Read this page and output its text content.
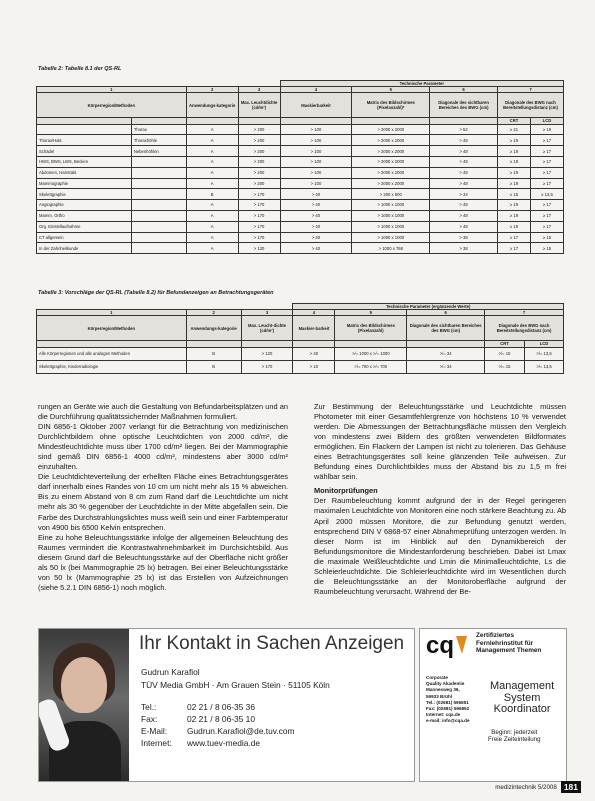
Tabelle 2: Tabelle 8.1 der QS-RL
				Technische Parameter				
1		2	3	4	5	6	7	
Körperregion/Methoden		Anwendungs-kategorie	Max. Leuchtdichte (cd/m²)	Maskierbarkeit	Matrix des Bildschirmes (Pixelanzahl)*	Diagonale des sichtbaren Bereiches des BWG (cm)	Diagonale des BWG nach Bereitstellungsdistanz (cm)	
							CRT	LCD
	Thorax	A	> 200	> 100	> 2000 x 2000	> 52	≥ 21	≥ 19
Thorax/Hals	Thoraxhöhle	A	> 200	> 100	> 2000 x 2000	> 48	≥ 19	≥ 17
Schädel	Nebenhöhlen	A	> 200	> 100	> 2000 x 2000	> 48	≥ 19	≥ 17
HWS, BWS, LWS, Becken		A	> 200	> 100	> 2000 x 2000	> 48	≥ 19	≥ 17
Abdomen, Harntrakt		A	> 200	> 100	> 2000 x 2000	> 48	≥ 19	≥ 17
Mammographie		A	> 200	> 100	> 2000 x 2000	> 48	≥ 19	≥ 17
Skelettgraphie		B	> 170	> 40	> 200 x 500	> 34	≥ 15	≥ 13,5
Angiographie		A	> 170	> 40	> 1000 x 1000	> 48	≥ 19	≥ 17
Mamm. Ortho		A	> 170	> 40	> 1000 x 1000	> 48	≥ 19	≥ 17
Org. Einstellaufnahme		A	> 170	> 40	> 1000 x 1000	> 48	≥ 19	≥ 17
CT allgemein		A	> 170	> 40	> 1000 x 1000	> 38	≥ 17	≥ 15
In der Zahnheilkunde		A	> 120	> 40	> 1000 x 768	> 38	≥ 17	≥ 15
Tabelle 3: Vorschläge der QS-RL (Tabelle 8.2) für Befundanzeigen an Betrachtungsgeräten
			Technische Parameter (ergänzende Werte)				
1	2	3	4	5	6	7	
Körperregion/Methoden	Anwendungs-kategorie	Max. Leucht-dichte (cd/m²)	Maskier-barkeit	Matrix des Bildschirmes (Pixelanzahl)	Diagonale des sichtbaren Bereiches des BWG (cm)	Diagonale des BWG nach Bereitstellungsdistanz (cm)	
						CRT	LCD
Alle Körperregionen und alle analogen Methoden	B	> 120	> 40	>/= 1000 x >/= 1000	>/= 34	>/= 15	>/= 13,5
Skelettgraphie, Kinderradiologie	B	> 170	> 10	>/= 700 x >/= 700	>/= 34	>/= 15	>/= 13,5

rungen an Geräte wie auch die Gestaltung von Befundarbeitsplätzen und an die Durchführung qualitätssichernder Maßnahmen formuliert.

DIN 6856-1 Oktober 2007 verlangt für die Betrachtung von medizinischen Durchlichtbildern ohne optische Leuchtdichten von 2000 cd/m², die Mindestleuchtdichte muss über 1700 cd/m² liegen. Bei der Mammographie sind gemäß DIN 6856-1 4000 cd/m², mindestens aber 3000 cd/m² einzuhalten.

Die Leuchtdichteverteilung der erhellten Fläche eines Betrachtungsgerätes darf innerhalb eines Randes von 10 cm um nicht mehr als 15 % abweichen. Bis zu einem Abstand von 8 cm zum Rand darf die Leuchtdichte um nicht mehr als 30 % gegenüber der Leuchtdichte in der Mitte abgefallen sein. Die Farbe des Durchstrahlungslichtes muss weiß sein und einer Farbtemperatur von 4900 bis 6500 Kelvin entsprechen.

Eine zu hohe Beleuchtungsstärke infolge der allgemeinen Beleuchtung des Raumes vermindert die Kontrastwahrnehmbarkeit im Durchsichtsbild. Aus diesem Grund darf die Beleuchtungsstärke auf der Oberfläche nicht größer als 50 lx (bei Mammographie 25 lx) betragen. Bei einer Beleuchtungsstärke von 50 lx (Mammographie 25 lx) ist das Erstellen von Aufzeichnungen (siehe 5.2.1 DIN 6856-1) noch möglich.

Zur Bestimmung der Beleuchtungsstärke und Leuchtdichte müssen Photometer mit einer Gesamtfehlergrenze von höchstens 10 % verwendet werden. Die Abmessungen der Betrachtungsfläche müssen den Vergleich von mindestens zwei Bildern des größten verwendeten Bildformates ermöglichen. Ein Flackern der Lampen ist nicht zu tolerieren. Das Gehäuse eines Betrachtungsgerätes soll keine glänzenden Teile aufweisen. Zur Befundung eines Durchlichtbildes muss der Abstand bis zu 1,5 m frei wählbar sein.

Monitorprüfungen

Der Raumbeleuchtung kommt aufgrund der in der Regel geringeren maximalen Leuchtdichte von Monitoren eine noch stärkere Beachtung zu. Ab April 2000 müssen Monitore, die zur Befundung genutzt werden, entsprechend DIN V 6868-57 einer Abnahmeprüfung unterzogen werden. In dieser Norm ist im Hinblick auf den Dynamikbereich der Befundungsmonitore die Mindestanforderung beschrieben. Dabei ist Lmax die maximale Weißleuchtdichte und Lmin die Minimalleuchtdichte, Ls die Schleierleuchtdichte. Die Schleierleuchtdichte wird im Wesentlichen durch die Beleuchtungsstärke an der Monitoroberfläche aufgrund der Raumbeleuchtung verursacht. Während der Be-

Ihr Kontakt in Sachen Anzeigen
Gudrun Karafiol
TÜV Media GmbH · Am Grauen Stein · 51105 Köln
Tel.:	02 21 / 8 06-35 36
Fax:	02 21 / 8 06-35 10
E-Mail: Gudrun.Karafiol@de.tuv.com
Internet: www.tuev-media.de
cq	Zertifiziertes
Fernlehrinstitut für
Management Themen
Corporate
Quality Akademie
Mannesweg 36,
59933 Brühl
Tel.: (02681) 596851
Fax: (02681) 596852
Internet: cqa.de
e-mail: info@cqa.de
Management
System
Koordinator
Beginn: jederzeit
Freie Zeiteinteilung
medizintechnik 5/2008 181
